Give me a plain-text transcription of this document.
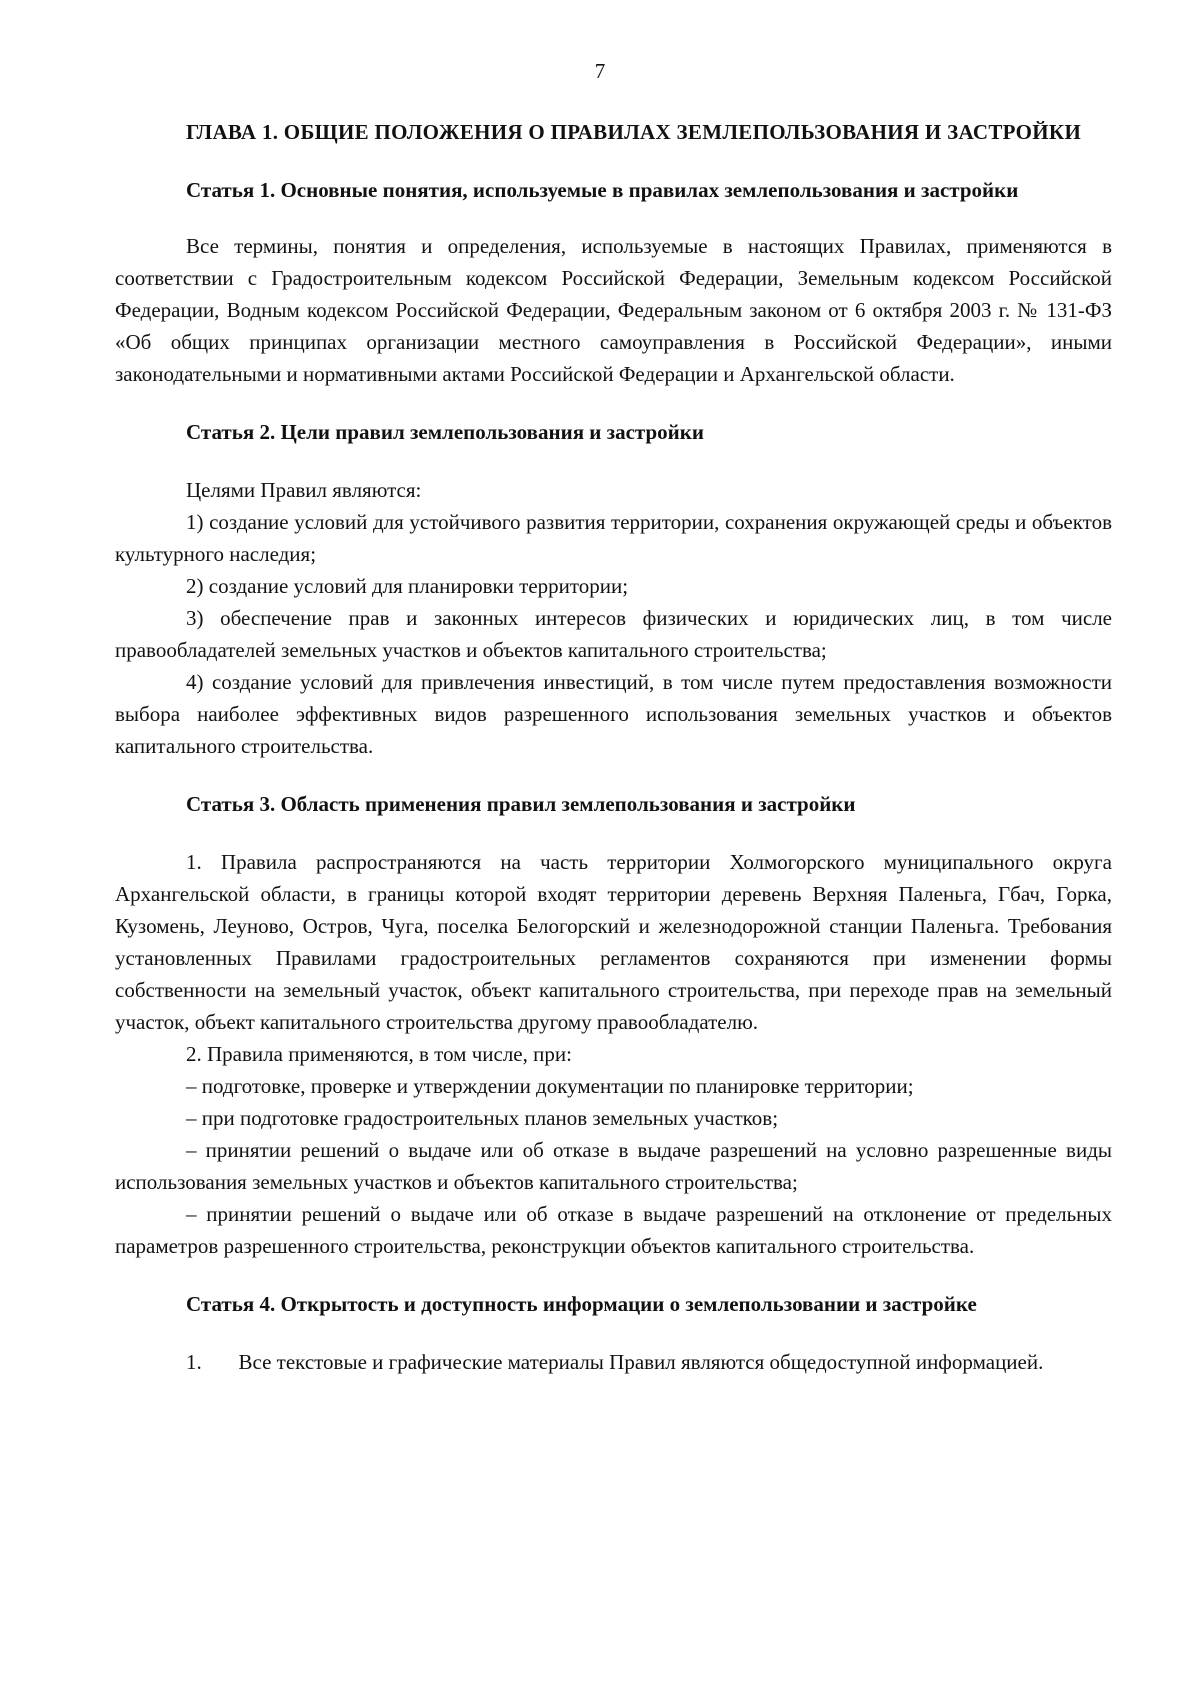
7
ГЛАВА 1. ОБЩИЕ ПОЛОЖЕНИЯ О ПРАВИЛАХ ЗЕМЛЕПОЛЬЗОВАНИЯ И ЗАСТРОЙКИ
Статья 1. Основные понятия, используемые в правилах землепользования и застройки

Все термины, понятия и определения, используемые в настоящих Правилах, применяются в соответствии с Градостроительным кодексом Российской Федерации, Земельным кодексом Российской Федерации, Водным кодексом Российской Федерации, Федеральным законом от 6 октября 2003 г. № 131-ФЗ «Об общих принципах организации местного самоуправления в Российской Федерации», иными законодательными и нормативными актами Российской Федерации и Архангельской области.

Статья 2. Цели правил землепользования и застройки

Целями Правил являются:

1) создание условий для устойчивого развития территории, сохранения окружающей среды и объектов культурного наследия;

2) создание условий для планировки территории;

3) обеспечение прав и законных интересов физических и юридических лиц, в том числе правообладателей земельных участков и объектов капитального строительства;

4) создание условий для привлечения инвестиций, в том числе путем предоставления возможности выбора наиболее эффективных видов разрешенного использования земельных участков и объектов капитального строительства.

Статья 3. Область применения правил землепользования и застройки

1. Правила распространяются на часть территории Холмогорского муниципального округа Архангельской области, в границы которой входят территории деревень Верхняя Паленьга, Гбач, Горка, Кузомень, Леуново, Остров, Чуга, поселка Белогорский и железнодорожной станции Паленьга. Требования установленных Правилами градостроительных регламентов сохраняются при изменении формы собственности на земельный участок, объект капитального строительства, при переходе прав на земельный участок, объект капитального строительства другому правообладателю.

2. Правила применяются, в том числе, при:

– подготовке, проверке и утверждении документации по планировке территории;

– при подготовке градостроительных планов земельных участков;

– принятии решений о выдаче или об отказе в выдаче разрешений на условно разрешенные виды использования земельных участков и объектов капитального строительства;

– принятии решений о выдаче или об отказе в выдаче разрешений на отклонение от предельных параметров разрешенного строительства, реконструкции объектов капитального строительства.

Статья 4. Открытость и доступность информации о землепользовании и застройке

1.       Все текстовые и графические материалы Правил являются общедоступной информацией.
